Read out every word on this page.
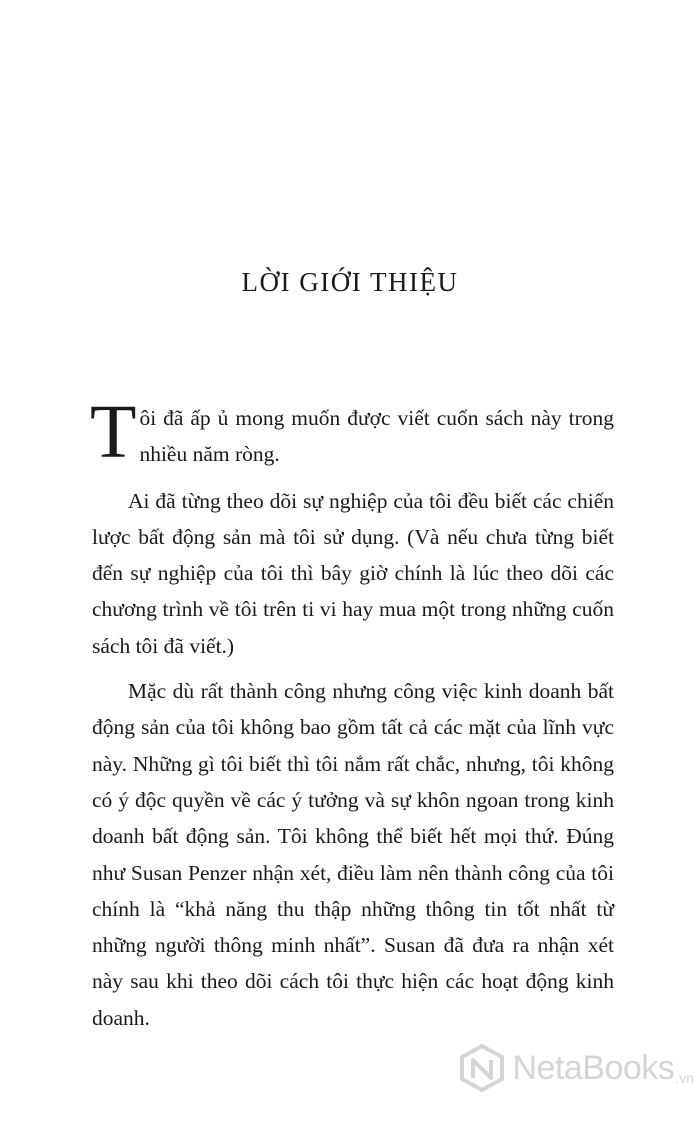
LỜI GIỚI THIỆU

Tôi đã ấp ủ mong muốn được viết cuốn sách này trong nhiều năm ròng.

Ai đã từng theo dõi sự nghiệp của tôi đều biết các chiến lược bất động sản mà tôi sử dụng. (Và nếu chưa từng biết đến sự nghiệp của tôi thì bây giờ chính là lúc theo dõi các chương trình về tôi trên ti vi hay mua một trong những cuốn sách tôi đã viết.)

Mặc dù rất thành công nhưng công việc kinh doanh bất động sản của tôi không bao gồm tất cả các mặt của lĩnh vực này. Những gì tôi biết thì tôi nắm rất chắc, nhưng, tôi không có ý độc quyền về các ý tưởng và sự khôn ngoan trong kinh doanh bất động sản. Tôi không thể biết hết mọi thứ. Đúng như Susan Penzer nhận xét, điều làm nên thành công của tôi chính là “khả năng thu thập những thông tin tốt nhất từ những người thông minh nhất”. Susan đã đưa ra nhận xét này sau khi theo dõi cách tôi thực hiện các hoạt động kinh doanh.

NetaBooks .vn
